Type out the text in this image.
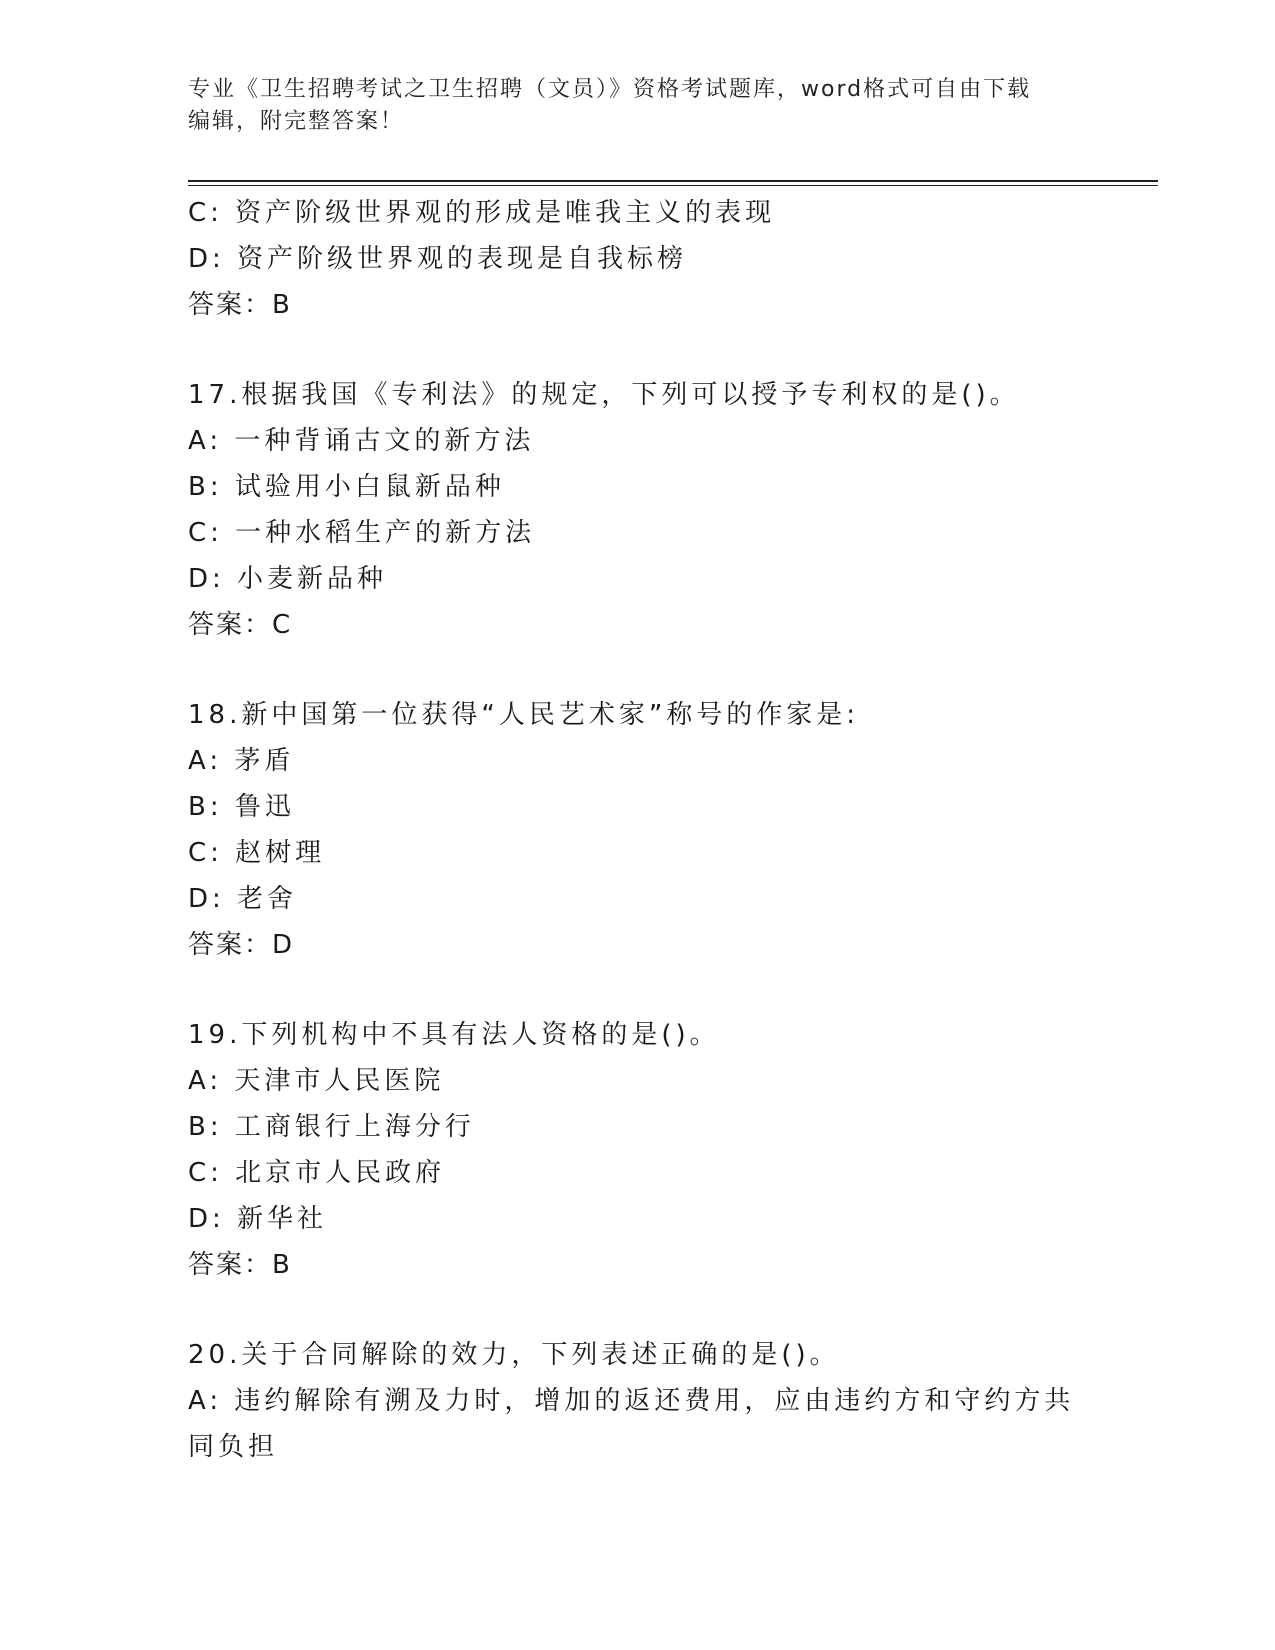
专业《卫生招聘考试之卫生招聘（文员）》资格考试题库，word格式可自由下载
编辑，附完整答案！
C: 资产阶级世界观的形成是唯我主义的表现
D: 资产阶级世界观的表现是自我标榜
答案：B
17.根据我国《专利法》的规定，下列可以授予专利权的是()。
A: 一种背诵古文的新方法
B: 试验用小白鼠新品种
C: 一种水稻生产的新方法
D: 小麦新品种
答案：C
18.新中国第一位获得“人民艺术家”称号的作家是:
A: 茅盾
B: 鲁迅
C: 赵树理
D: 老舍
答案：D
19.下列机构中不具有法人资格的是()。
A: 天津市人民医院
B: 工商银行上海分行
C: 北京市人民政府
D: 新华社
答案：B
20.关于合同解除的效力，下列表述正确的是()。
A: 违约解除有溯及力时，增加的返还费用，应由违约方和守约方共同负担
